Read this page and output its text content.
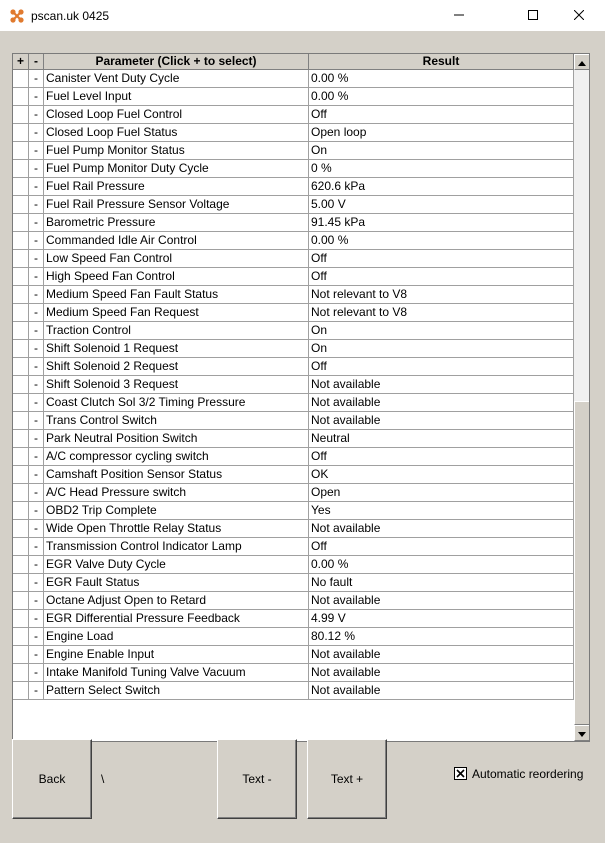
pscan.uk 0425
+ -	Parameter (Click + to select)	Result
- Canister Vent Duty Cycle	0.00 %
- Fuel Level Input	0.00 %
- Closed Loop Fuel Control	Off
- Closed Loop Fuel Status	Open loop
- Fuel Pump Monitor Status	On
- Fuel Pump Monitor Duty Cycle	0 %
- Fuel Rail Pressure	620.6 kPa
- Fuel Rail Pressure Sensor Voltage	5.00 V
- Barometric Pressure	91.45 kPa
- Commanded Idle Air Control	0.00 %
- Low Speed Fan Control	Off
- High Speed Fan Control	Off
- Medium Speed Fan Fault Status	Not relevant to V8
- Medium Speed Fan Request	Not relevant to V8
- Traction Control	On
- Shift Solenoid 1 Request	On
- Shift Solenoid 2 Request	Off
- Shift Solenoid 3 Request	Not available
- Coast Clutch Sol 3/2 Timing Pressure	Not available
- Trans Control Switch	Not available
- Park Neutral Position Switch	Neutral
- A/C compressor cycling switch	Off
- Camshaft Position Sensor Status	OK
- A/C Head Pressure switch	Open
- OBD2 Trip Complete	Yes
- Wide Open Throttle Relay Status	Not available
- Transmission Control Indicator Lamp	Off
- EGR Valve Duty Cycle	0.00 %
- EGR Fault Status	No fault
- Octane Adjust Open to Retard	Not available
- EGR Differential Pressure Feedback	4.99 V
- Engine Load	80.12 %
- Engine Enable Input	Not available
- Intake Manifold Tuning Valve Vacuum	Not available
- Pattern Select Switch	Not available
Back	\	Text -	Text +	Automatic reordering
